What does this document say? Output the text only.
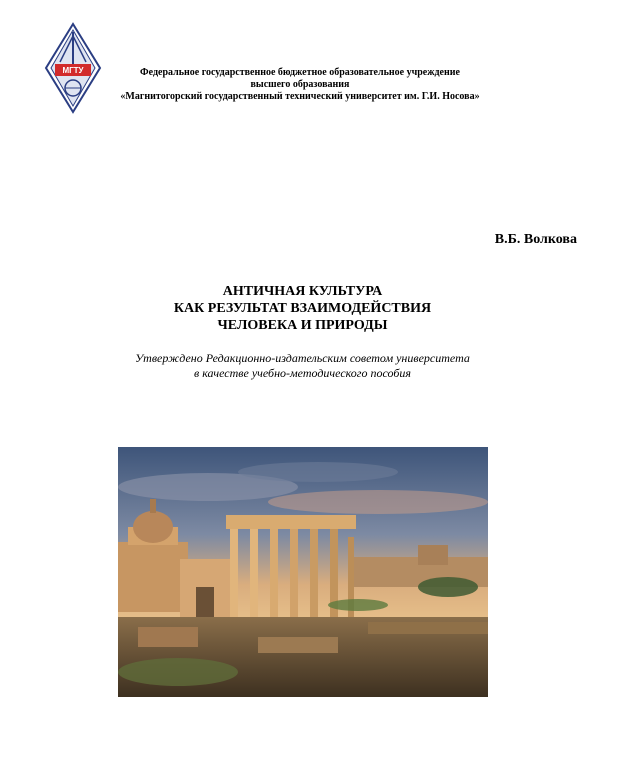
МГТУ	Федеральное государственное бюджетное образовательное учреждение
высшего образования
«Магнитогорский государственный технический университет им. Г.И. Носова»
В.Б. Волкова
АНТИЧНАЯ КУЛЬТУРА
КАК РЕЗУЛЬТАТ ВЗАИМОДЕЙСТВИЯ
ЧЕЛОВЕКА И ПРИРОДЫ
Утверждено Редакционно-издательским советом университета
в качестве учебно-методического пособия
